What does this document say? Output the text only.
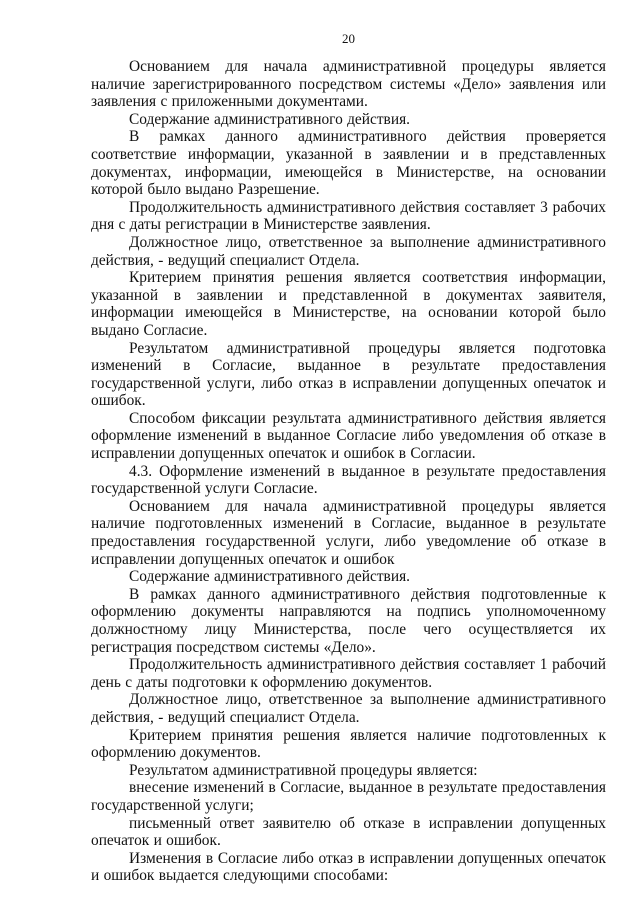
20

Основанием для начала административной процедуры является наличие зарегистрированного посредством системы «Дело» заявления или заявления с приложенными документами.

Содержание административного действия.

В рамках данного административного действия проверяется соответствие информации, указанной в заявлении и в представленных документах, информации, имеющейся в Министерстве, на основании которой было выдано Разрешение.

Продолжительность административного действия составляет 3 рабочих дня с даты регистрации в Министерстве заявления.

Должностное лицо, ответственное за выполнение административного действия, - ведущий специалист Отдела.

Критерием принятия решения является соответствия информации, указанной в заявлении и представленной в документах заявителя, информации имеющейся в Министерстве, на основании которой было выдано Согласие.

Результатом административной процедуры является подготовка изменений в Согласие, выданное в результате предоставления государственной услуги, либо отказ в исправлении допущенных опечаток и ошибок.

Способом фиксации результата административного действия является оформление изменений в выданное Согласие либо уведомления об отказе в исправлении допущенных опечаток и ошибок в Согласии.

4.3. Оформление изменений в выданное в результате предоставления государственной услуги Согласие.

Основанием для начала административной процедуры является наличие подготовленных изменений в Согласие, выданное в результате предоставления государственной услуги, либо уведомление об отказе в исправлении допущенных опечаток и ошибок

Содержание административного действия.

В рамках данного административного действия подготовленные к оформлению документы направляются на подпись уполномоченному должностному лицу Министерства, после чего осуществляется их регистрация посредством системы «Дело».

Продолжительность административного действия составляет 1 рабочий день с даты подготовки к оформлению документов.

Должностное лицо, ответственное за выполнение административного действия, - ведущий специалист Отдела.

Критерием принятия решения является наличие подготовленных к оформлению документов.

Результатом административной процедуры является:

внесение изменений в Согласие, выданное в результате предоставления государственной услуги;

письменный ответ заявителю об отказе в исправлении допущенных опечаток и ошибок.

Изменения в Согласие либо отказ в исправлении допущенных опечаток и ошибок выдается следующими способами:
